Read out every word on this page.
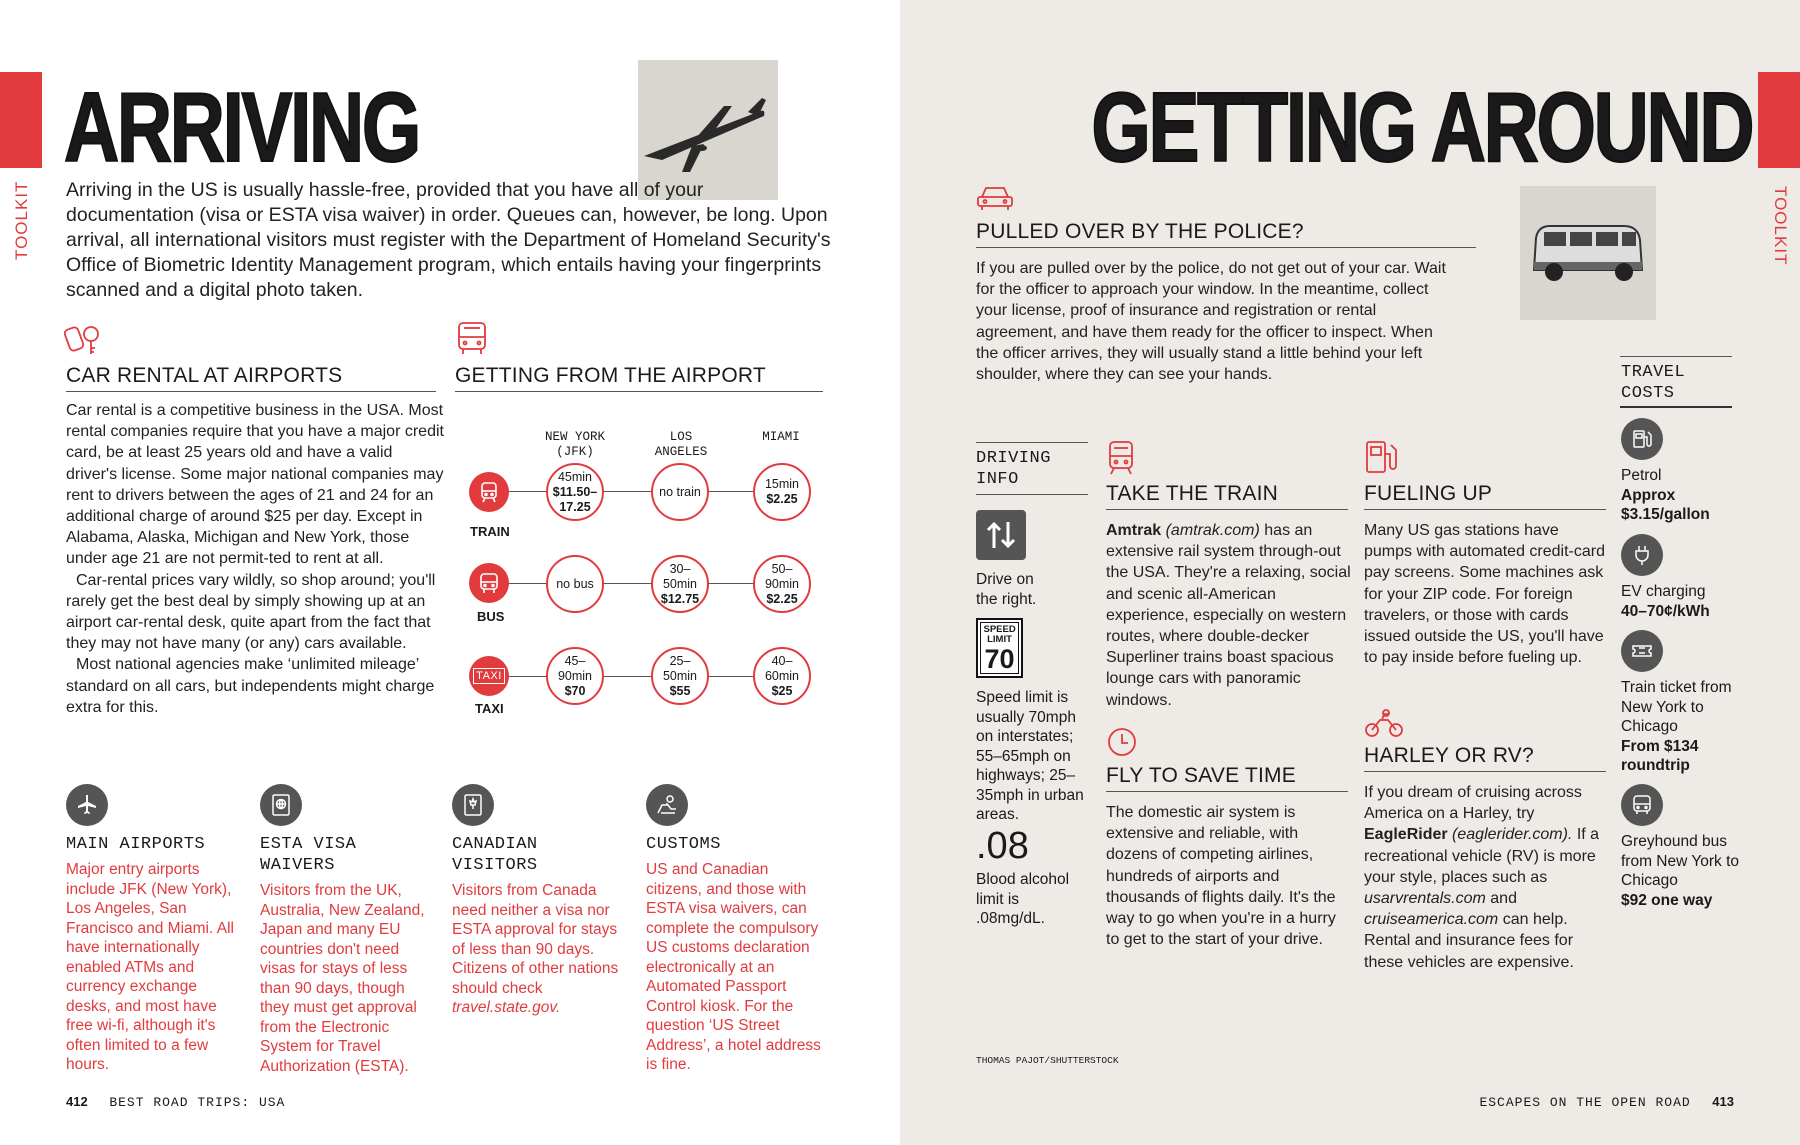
TOOLKIT
ARRIVING
Arriving in the US is usually hassle-free, provided that you have all of your documentation (visa or ESTA visa waiver) in order. Queues can, however, be long. Upon arrival, all international visitors must register with the Department of Homeland Security's Office of Biometric Identity Management program, which entails having your fingerprints scanned and a digital photo taken.
CAR RENTAL AT AIRPORTS

Car rental is a competitive business in the USA. Most rental companies require that you have a major credit card, be at least 25 years old and have a valid driver's license. Some major national companies may rent to drivers between the ages of 21 and 24 for an additional charge of around $25 per day. Except in Alabama, Alaska, Michigan and New York, those under age 21 are not permit-ted to rent at all.

Car-rental prices vary wildly, so shop around; you'll rarely get the best deal by simply showing up at an airport car-rental desk, quite apart from the fact that they may not have many (or any) cars available.

Most national agencies make ‘unlimited mileage’ standard on all cars, but independents might charge extra for this.

GETTING FROM THE AIRPORT
NEW YORK (JFK)
LOS ANGELES
MIAMI
TRAIN
45min
$11.50–17.25
no train
15min
$2.25
BUS
no bus
30–50min
$12.75
50–90min
$2.25
TAXI
TAXI
45–90min
$70
25–50min
$55
40–60min
$25
MAIN AIRPORTS
Major entry airports include JFK (New York), Los Angeles, San Francisco and Miami. All have internationally enabled ATMs and currency exchange desks, and most have free wi-fi, although it's often limited to a few hours.
ESTA VISA WAIVERS
Visitors from the UK, Australia, New Zealand, Japan and many EU countries don't need visas for stays of less than 90 days, though they must get approval from the Electronic System for Travel Authorization (ESTA).
CANADIAN VISITORS
Visitors from Canada need neither a visa nor ESTA approval for stays of less than 90 days. Citizens of other nations should check travel.state.gov.
CUSTOMS
US and Canadian citizens, and those with ESTA visa waivers, can complete the compulsory US customs declaration electronically at an Automated Passport Control kiosk. For the question ‘US Street Address’, a hotel address is fine.
412 BEST ROAD TRIPS: USA
TOOLKIT
GETTING AROUND
PULLED OVER BY THE POLICE?
If you are pulled over by the police, do not get out of your car. Wait for the officer to approach your window. In the meantime, collect your license, proof of insurance and registration or rental agreement, and have them ready for the officer to inspect. When the officer arrives, they will usually stand a little behind your left shoulder, where they can see your hands.
DRIVING INFO
Drive on the right.
SPEED LIMIT
70
Speed limit is usually 70mph on interstates; 55–65mph on highways; 25–35mph in urban areas.
.08
Blood alcohol limit is .08mg/dL.
TAKE THE TRAIN
Amtrak (amtrak.com) has an extensive rail system through-out the USA. They're a relaxing, social and scenic all-American experience, especially on western routes, where double-decker Superliner trains boast spacious lounge cars with panoramic windows.
FLY TO SAVE TIME
The domestic air system is extensive and reliable, with dozens of competing airlines, hundreds of airports and thousands of flights daily. It's the way to go when you're in a hurry to get to the start of your drive.
FUELING UP
Many US gas stations have pumps with automated credit-card pay screens. Some machines ask for your ZIP code. For foreign travelers, or those with cards issued outside the US, you'll have to pay inside before fueling up.
HARLEY OR RV?
If you dream of cruising across America on a Harley, try EagleRider (eaglerider.com). If a recreational vehicle (RV) is more your style, places such as usarvrentals.com and cruiseamerica.com can help. Rental and insurance fees for these vehicles are expensive.
TRAVEL COSTS
Petrol
Approx $3.15/gallon
EV charging
40–70¢/kWh
Train ticket from New York to Chicago
From $134 roundtrip
Greyhound bus from New York to Chicago
$92 one way
THOMAS PAJOT/SHUTTERSTOCK
ESCAPES ON THE OPEN ROAD 413
